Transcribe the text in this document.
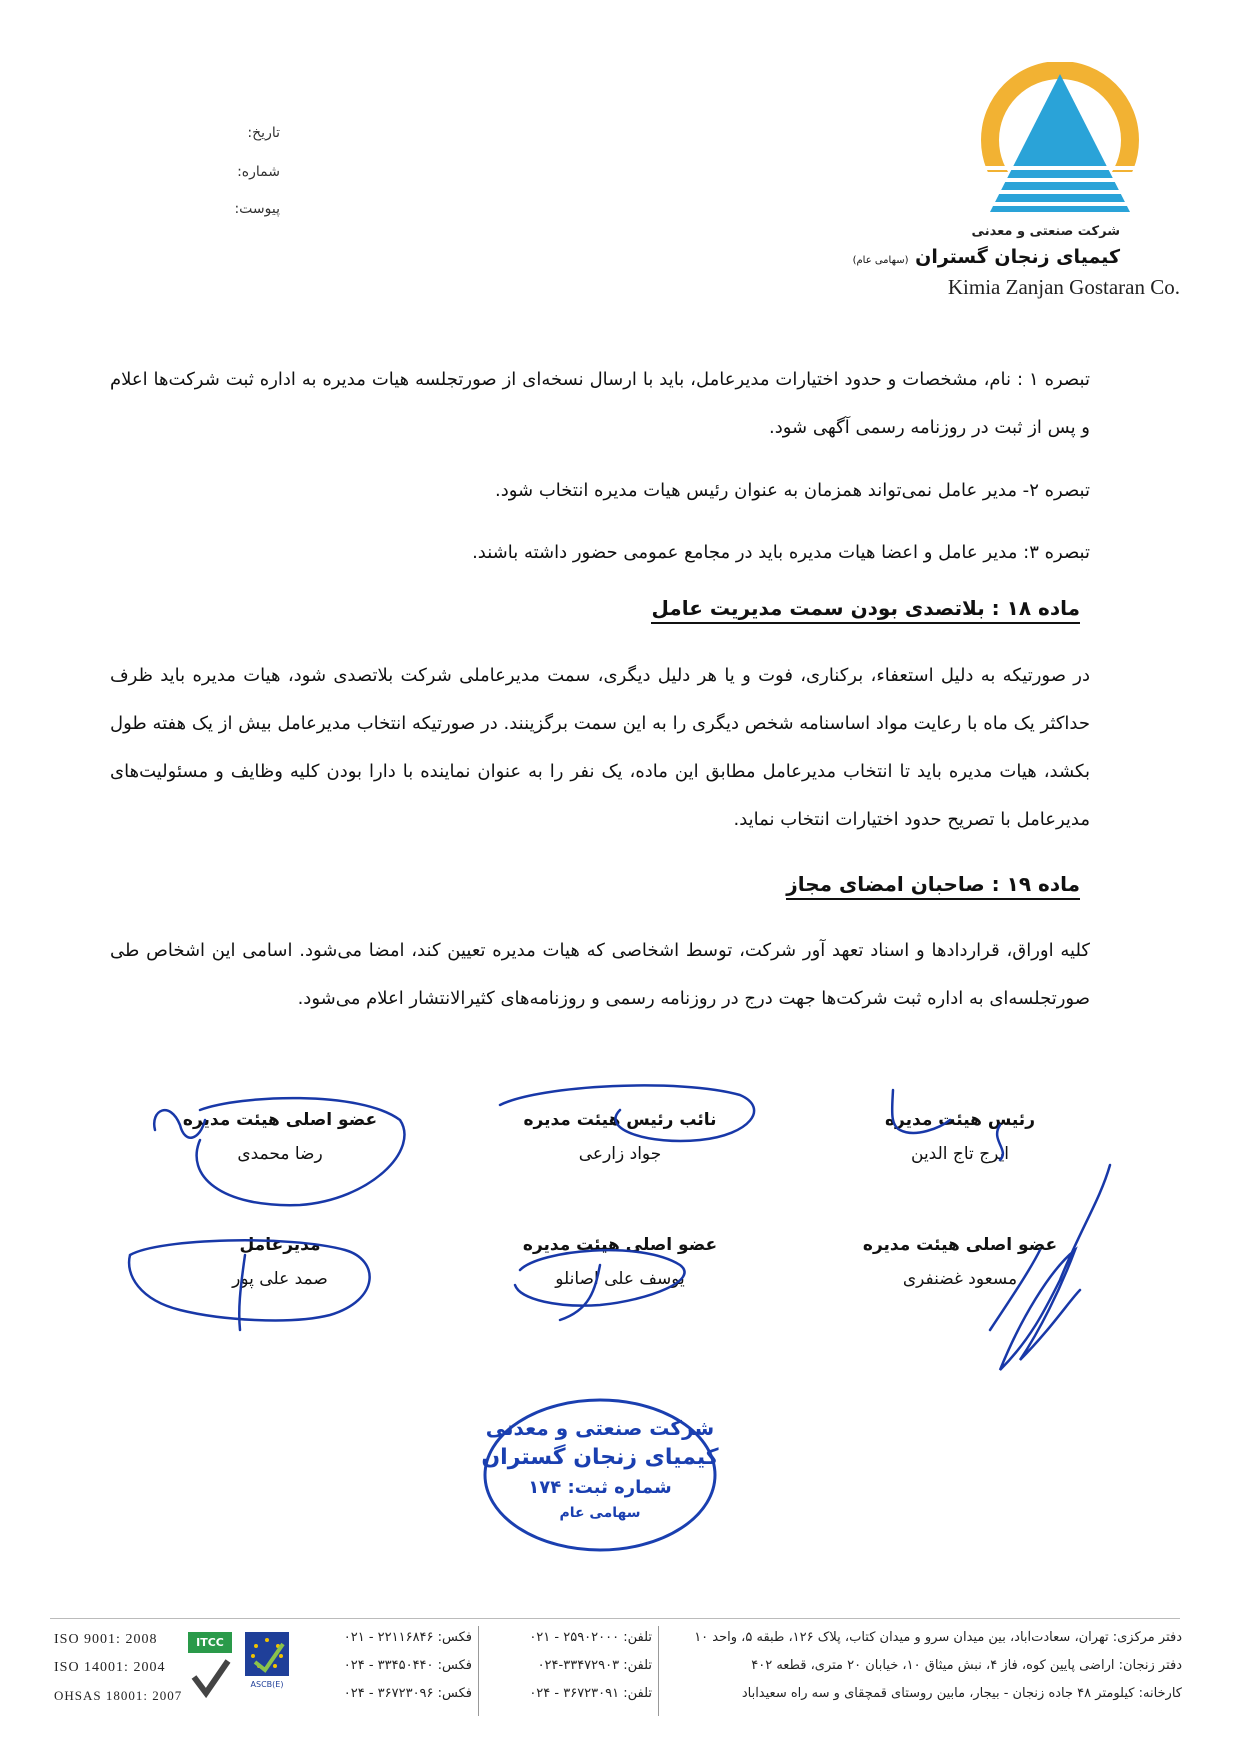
تاریخ:
شماره:
پیوست:
شرکت صنعتی و معدنی
کیمیای زنجان گستران (سهامی عام)
Kimia Zanjan Gostaran Co.
تبصره ۱ : نام، مشخصات و حدود اختیارات مدیرعامل، باید با ارسال نسخه‌ای از صورتجلسه هیات مدیره به اداره ثبت شرکت‌ها اعلام و پس از ثبت در روزنامه رسمی آگهی شود.
تبصره ۲- مدیر عامل نمی‌تواند همزمان به عنوان رئیس هیات مدیره انتخاب شود.
تبصره ۳: مدیر عامل و اعضا هیات مدیره باید در مجامع عمومی حضور داشته باشند.
ماده ۱۸ : بلاتصدی بودن سمت مدیریت عامل
در صورتیکه به دلیل استعفاء، برکناری، فوت و یا هر دلیل دیگری، سمت مدیرعاملی شرکت بلاتصدی شود، هیات مدیره باید ظرف حداکثر یک ماه با رعایت مواد اساسنامه شخص دیگری را به این سمت برگزینند. در صورتیکه انتخاب مدیرعامل بیش از یک هفته طول بکشد، هیات مدیره باید تا انتخاب مدیرعامل مطابق این ماده، یک نفر را به عنوان نماینده با دارا بودن کلیه وظایف و مسئولیت‌های مدیرعامل با تصریح حدود اختیارات انتخاب نماید.
ماده ۱۹ : صاحبان امضای مجاز
کلیه اوراق، قراردادها و اسناد تعهد آور شرکت، توسط اشخاصی که هیات مدیره تعیین کند، امضا می‌شود. اسامی این اشخاص طی صورتجلسه‌ای به اداره ثبت شرکت‌ها جهت درج در روزنامه رسمی و روزنامه‌های کثیرالانتشار اعلام می‌شود.
رئیس هیئت مدیره
ایرج تاج الدین
نائب رئیس هیئت مدیره
جواد زارعی
عضو اصلی هیئت مدیره
رضا محمدی
عضو اصلی هیئت مدیره
مسعود غضنفری
عضو اصلی هیئت مدیره
یوسف علی اصانلو
مدیرعامل
صمد علی پور
شرکت صنعتی و معدنی
کیمیای زنجان گستران
شماره ثبت: ۱۷۴
سهامی عام
ISO 9001: 2008
ISO 14001: 2004
OHSAS 18001: 2007
ITCC
ASCB(E)
فکس: ۲۲۱۱۶۸۴۶ - ۰۲۱
فکس: ۳۳۴۵۰۴۴۰ - ۰۲۴
فکس: ۳۶۷۲۳۰۹۶ - ۰۲۴
تلفن: ۲۵۹۰۲۰۰۰ - ۰۲۱
تلفن: ۳۳۴۷۲۹۰۳-۰۲۴
تلفن: ۳۶۷۲۳۰۹۱ - ۰۲۴
دفتر مرکزی: تهران، سعادت‌آباد، بین میدان سرو و میدان کتاب، پلاک ۱۲۶، طبقه ۵، واحد ۱۰
دفتر زنجان: اراضی پایین کوه، فاز ۴، نبش میثاق ۱۰، خیابان ۲۰ متری، قطعه ۴۰۲
کارخانه: کیلومتر ۴۸ جاده زنجان - بیجار، مابین روستای قمچقای و سه راه سعیدآباد
